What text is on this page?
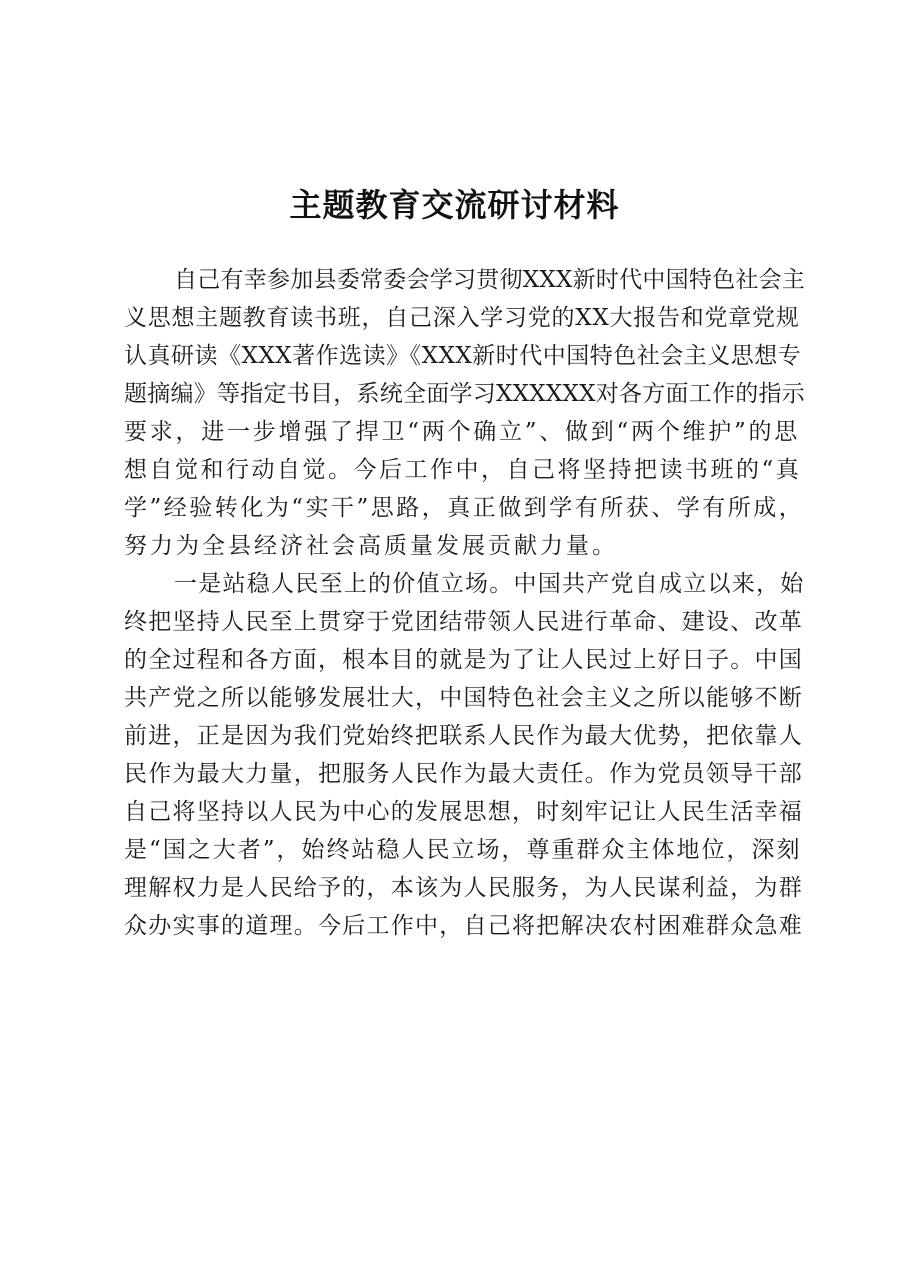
主题教育交流研讨材料
自己有幸参加县委常委会学习贯彻XXX新时代中国特色社会主
义思想主题教育读书班，自己深入学习党的XX大报告和党章党规
认真研读《XXX著作选读》《XXX新时代中国特色社会主义思想专
题摘编》等指定书目，系统全面学习XXXXXX对各方面工作的指示
要求，进一步增强了捍卫“两个确立”、做到“两个维护”的思
想自觉和行动自觉。今后工作中，自己将坚持把读书班的“真
学”经验转化为“实干”思路，真正做到学有所获、学有所成，
努力为全县经济社会高质量发展贡献力量。
一是站稳人民至上的价值立场。中国共产党自成立以来，始
终把坚持人民至上贯穿于党团结带领人民进行革命、建设、改革
的全过程和各方面，根本目的就是为了让人民过上好日子。中国
共产党之所以能够发展壮大，中国特色社会主义之所以能够不断
前进，正是因为我们党始终把联系人民作为最大优势，把依靠人
民作为最大力量，把服务人民作为最大责任。作为党员领导干部
自己将坚持以人民为中心的发展思想，时刻牢记让人民生活幸福
是“国之大者”，始终站稳人民立场，尊重群众主体地位，深刻
理解权力是人民给予的，本该为人民服务，为人民谋利益，为群
众办实事的道理。今后工作中，自己将把解决农村困难群众急难
